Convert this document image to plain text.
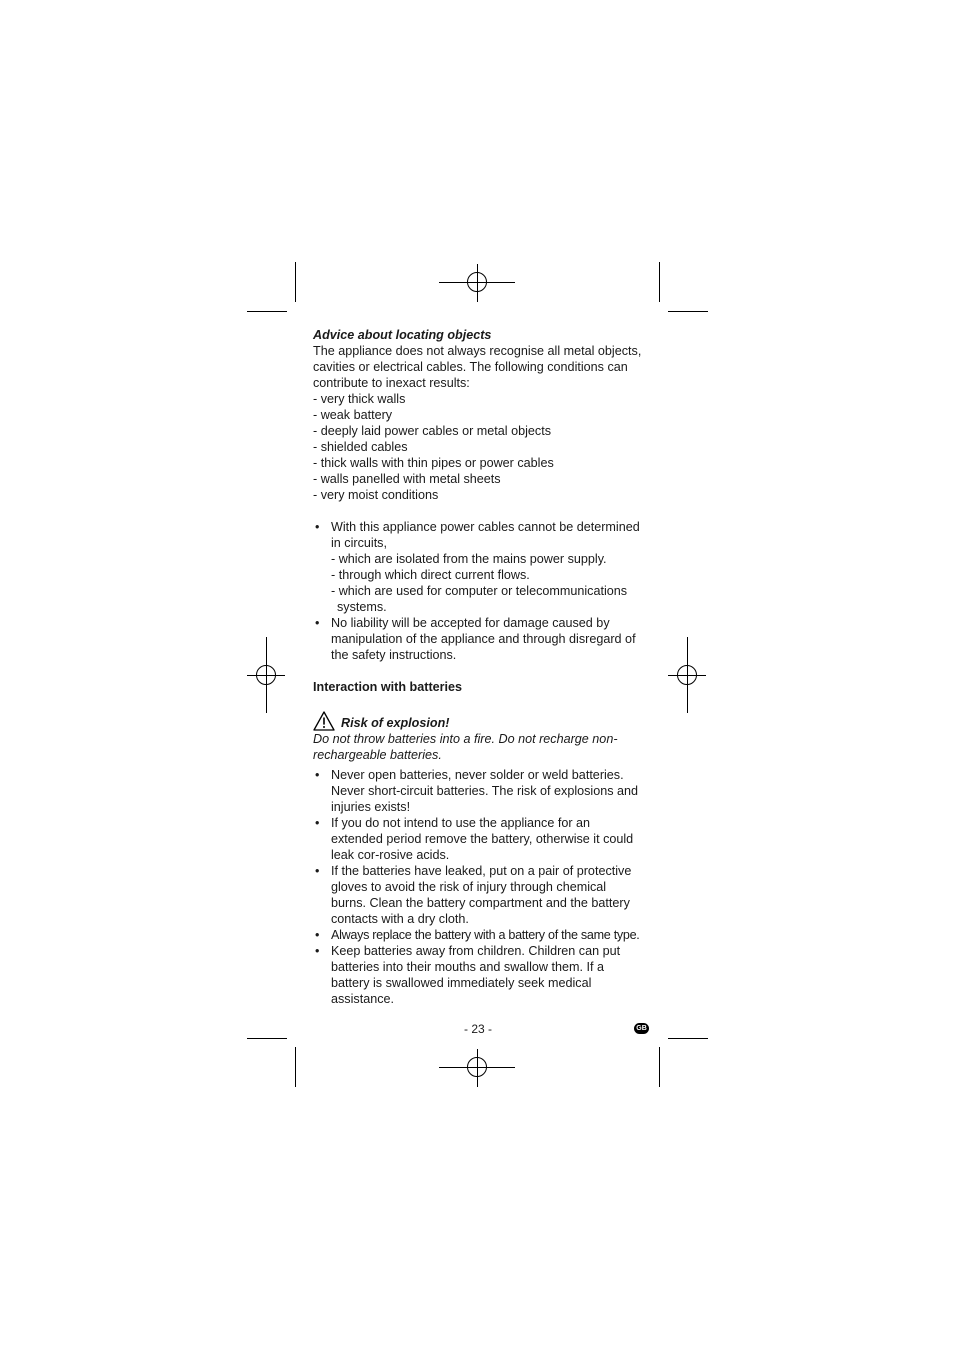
Advice about locating objects

The appliance does not always recognise all metal objects,

cavities or electrical cables. The following conditions can

contribute to inexact results:

- very thick walls

- weak battery

- deeply laid power cables or metal objects

- shielded cables

- thick walls with thin pipes or power cables

- walls panelled with metal sheets

- very moist conditions

• With this appliance power cables cannot be determined in circuits,
- which are isolated from the mains power supply.
- through which direct current flows.
- which are used for computer or telecommunications systems.
• No liability will be accepted for damage caused by manipulation of the appliance and through disregard of the safety instructions.

Interaction with batteries

Risk of explosion!

Do not throw batteries into a fire. Do not recharge non-

rechargeable batteries.

• Never open batteries, never solder or weld batteries. Never short-circuit batteries. The risk of explosions and injuries exists!
• If you do not intend to use the appliance for an extended period remove the battery, otherwise it could leak cor-rosive acids.
• If the batteries have leaked, put on a pair of protective gloves to avoid the risk of injury through chemical burns. Clean the battery compartment and the battery contacts with a dry cloth.
• Always replace the battery with a battery of the same type.
• Keep batteries away from children. Children can put batteries into their mouths and swallow them. If a battery is swallowed immediately seek medical assistance.
- 23 -	GB
